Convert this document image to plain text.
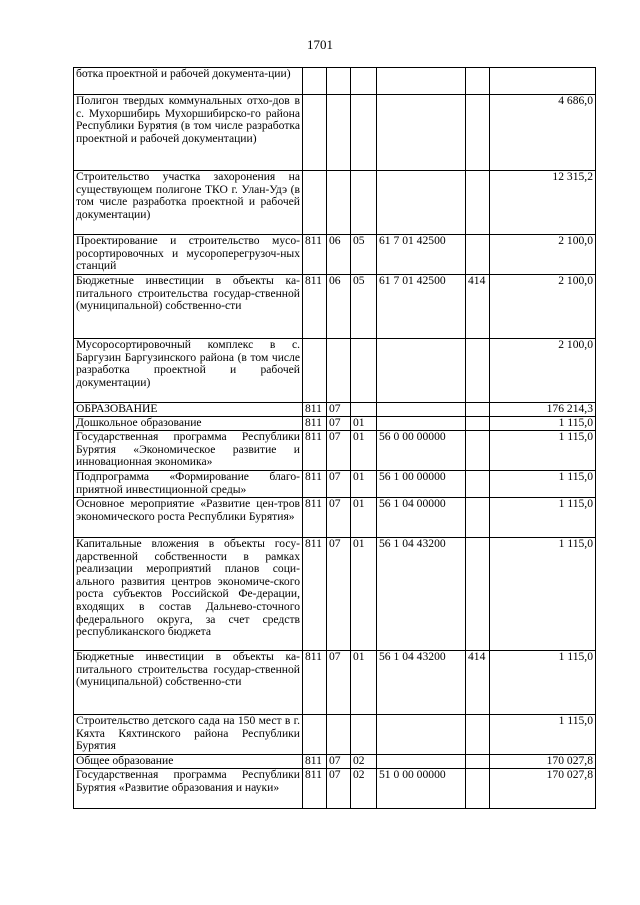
1701
ботка проектной и рабочей документа-ции)						
Полигон твердых коммунальных отхо-дов в с. Мухоршибирь Мухоршибирско-го района Республики Бурятия (в том числе разработка проектной и рабочей документации)						4 686,0
Строительство участка захоронения на существующем полигоне ТКО г. Улан-Удэ (в том числе разработка проектной и рабочей документации)						12 315,2
Проектирование и строительство мусо-росортировочных и мусороперегрузоч-ных станций	811	06	05	61 7 01 42500		2 100,0
Бюджетные инвестиции в объекты ка-питального строительства государ-ственной (муниципальной) собственно-сти	811	06	05	61 7 01 42500	414	2 100,0
Мусоросортировочный комплекс в с. Баргузин Баргузинского района (в том числе разработка проектной и рабочей документации)						2 100,0
ОБРАЗОВАНИЕ	811	07				176 214,3
Дошкольное образование	811	07	01			1 115,0
Государственная программа Республики Бурятия «Экономическое развитие и инновационная экономика»	811	07	01	56 0 00 00000		1 115,0
Подпрограмма «Формирование благо-приятной инвестиционной среды»	811	07	01	56 1 00 00000		1 115,0
Основное мероприятие «Развитие цен-тров экономического роста Республики Бурятия»	811	07	01	56 1 04 00000		1 115,0
Капитальные вложения в объекты госу-дарственной собственности в рамках реализации мероприятий планов соци-ального развития центров экономиче-ского роста субъектов Российской Фе-дерации, входящих в состав Дальнево-сточного федерального округа, за счет средств республиканского бюджета	811	07	01	56 1 04 43200		1 115,0
Бюджетные инвестиции в объекты ка-питального строительства государ-ственной (муниципальной) собственно-сти	811	07	01	56 1 04 43200	414	1 115,0
Строительство детского сада на 150 мест в г. Кяхта Кяхтинского района Республики Бурятия						1 115,0
Общее образование	811	07	02			170 027,8
Государственная программа Республики Бурятия «Развитие образования и науки»	811	07	02	51 0 00 00000		170 027,8
